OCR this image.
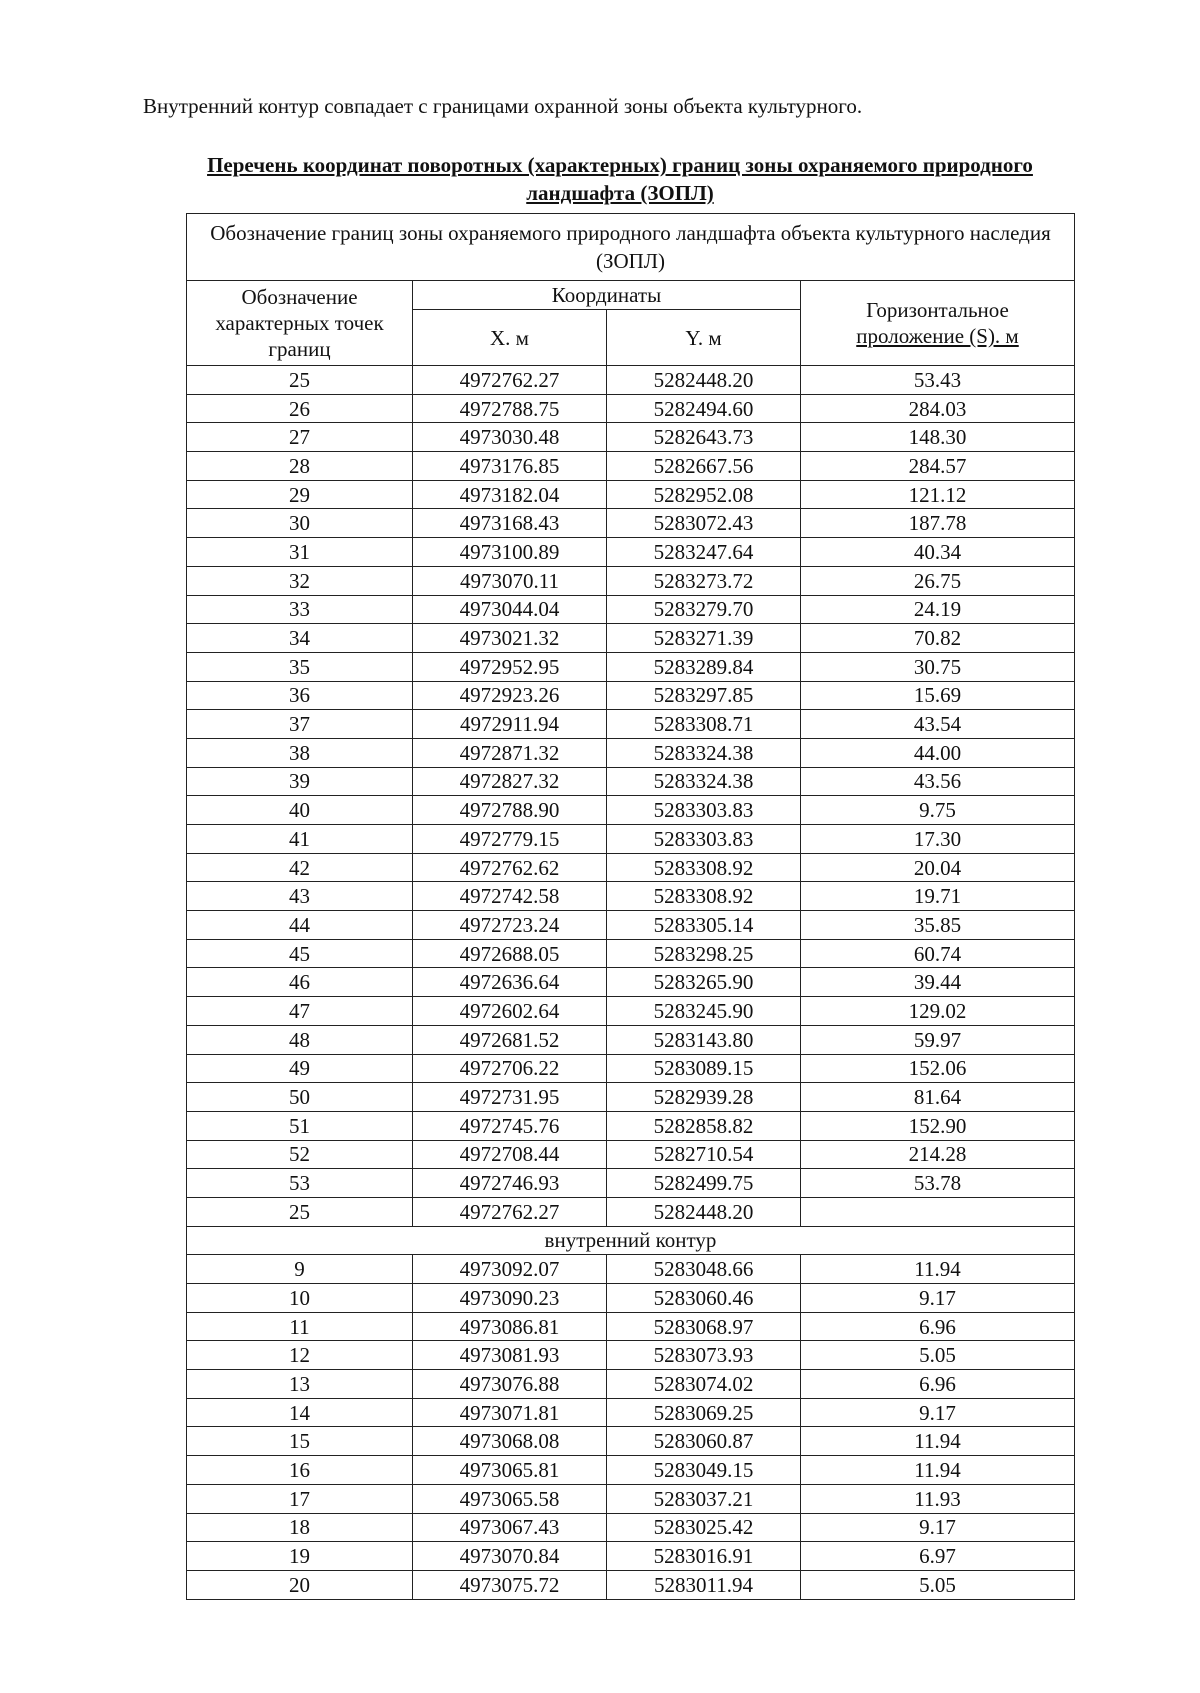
Внутренний контур совпадает с границами охранной зоны объекта культурного.
Перечень координат поворотных (характерных) границ зоны охраняемого природного
ландшафта (ЗОПЛ)
Обозначение границ зоны охраняемого природного ландшафта объекта культурного наследия (ЗОПЛ)			
Обозначение характерных точек границ	Координаты		Горизонтальное
проложение (S). м

	X. м	Y. м	
25	4972762.27	5282448.20	53.43
26	4972788.75	5282494.60	284.03
27	4973030.48	5282643.73	148.30
28	4973176.85	5282667.56	284.57
29	4973182.04	5282952.08	121.12
30	4973168.43	5283072.43	187.78
31	4973100.89	5283247.64	40.34
32	4973070.11	5283273.72	26.75
33	4973044.04	5283279.70	24.19
34	4973021.32	5283271.39	70.82
35	4972952.95	5283289.84	30.75
36	4972923.26	5283297.85	15.69
37	4972911.94	5283308.71	43.54
38	4972871.32	5283324.38	44.00
39	4972827.32	5283324.38	43.56
40	4972788.90	5283303.83	9.75
41	4972779.15	5283303.83	17.30
42	4972762.62	5283308.92	20.04
43	4972742.58	5283308.92	19.71
44	4972723.24	5283305.14	35.85
45	4972688.05	5283298.25	60.74
46	4972636.64	5283265.90	39.44
47	4972602.64	5283245.90	129.02
48	4972681.52	5283143.80	59.97
49	4972706.22	5283089.15	152.06
50	4972731.95	5282939.28	81.64
51	4972745.76	5282858.82	152.90
52	4972708.44	5282710.54	214.28
53	4972746.93	5282499.75	53.78
25	4972762.27	5282448.20	
внутренний контур			
9	4973092.07	5283048.66	11.94
10	4973090.23	5283060.46	9.17
11	4973086.81	5283068.97	6.96
12	4973081.93	5283073.93	5.05
13	4973076.88	5283074.02	6.96
14	4973071.81	5283069.25	9.17
15	4973068.08	5283060.87	11.94
16	4973065.81	5283049.15	11.94
17	4973065.58	5283037.21	11.93
18	4973067.43	5283025.42	9.17
19	4973070.84	5283016.91	6.97
20	4973075.72	5283011.94	5.05
